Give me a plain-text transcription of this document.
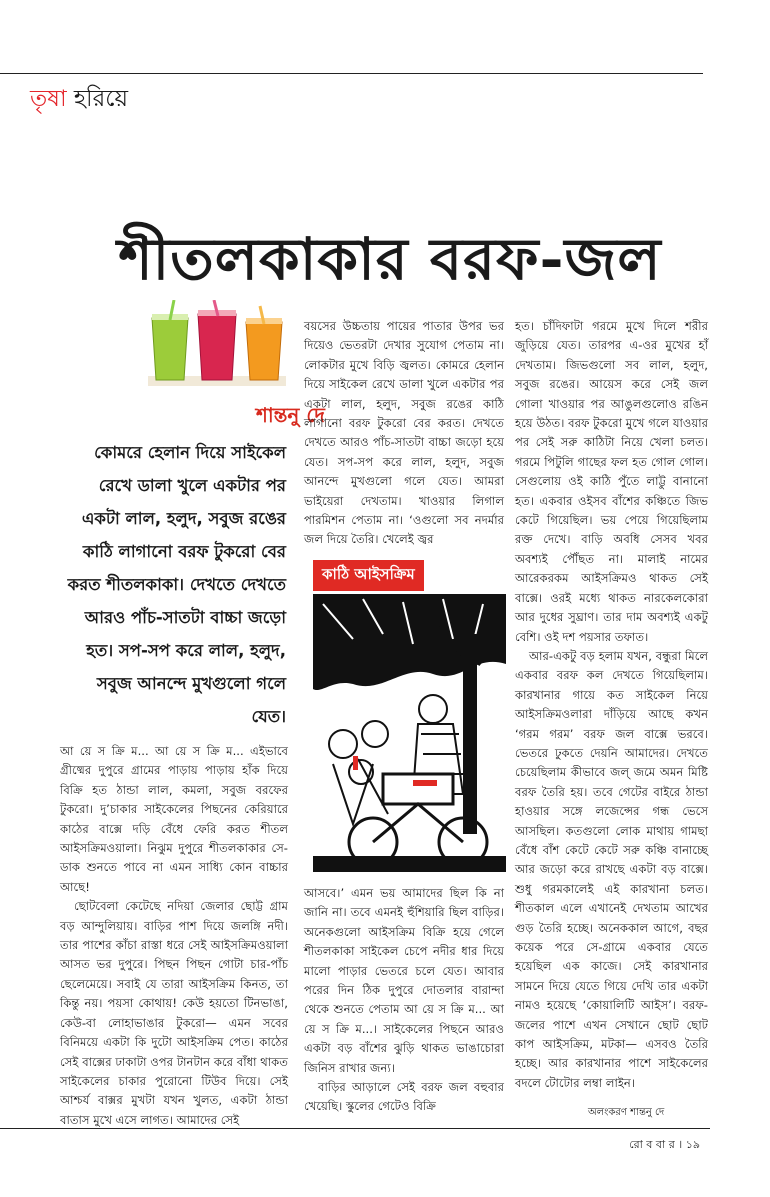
তৃষা হরিয়ে
শীতলকাকার বরফ-জল
শান্তনু দে
কোমরে হেলান দিয়ে সাইকেল রেখে ডালা খুলে একটার পর একটা লাল, হলুদ, সবুজ রঙের কাঠি লাগানো বরফ টুকরো বের করত শীতলকাকা। দেখতে দেখতে আরও পাঁচ-সাতটা বাচ্চা জড়ো হত। সপ-সপ করে লাল, হলুদ, সবুজ আনন্দে মুখগুলো গলে যেত।

আ য়ে স ক্রি ম... আ য়ে স ক্রি ম... এইভাবে গ্রীষ্মের দুপুরে গ্রামের পাড়ায় পাড়ায় হাঁক দিয়ে বিক্রি হত ঠান্ডা লাল, কমলা, সবুজ বরফের টুকরো। দু’চাকার সাইকেলের পিছনের কেরিয়ারে কাঠের বাক্সে দড়ি বেঁধে ফেরি করত শীতল আইসক্রিমওয়ালা। নিঝুম দুপুরে শীতলকাকার সে-ডাক শুনতে পাবে না এমন সাধ্যি কোন বাচ্চার আছে!

ছোটবেলা কেটেছে নদিয়া জেলার ছোট্ট গ্রাম বড় আন্দুলিয়ায়। বাড়ির পাশ দিয়ে জলঙ্গি নদী। তার পাশের কাঁচা রাস্তা ধরে সেই আইসক্রিমওয়ালা আসত ভর দুপুরে। পিছন পিছন গোটা চার-পাঁচ ছেলেমেয়ে। সবাই যে তারা আইসক্রিম কিনত, তা কিন্তু নয়। পয়সা কোথায়! কেউ হয়তো টিনভাঙা, কেউ-বা লোহাভাঙার টুকরো— এমন সবের বিনিময়ে একটা কি দুটো আইসক্রিম পেত। কাঠের সেই বাক্সের ঢাকাটা ওপর টানটান করে বাঁধা থাকত সাইকেলের চাকার পুরোনো টিউব দিয়ে। সেই আশ্চর্য বাক্সর মুখটা যখন খুলত, একটা ঠান্ডা বাতাস মুখে এসে লাগত। আমাদের সেই

বয়সের উচ্চতায় পায়ের পাতার উপর ভর দিয়েও ভেতরটা দেখার সুযোগ পেতাম না। লোকটার মুখে বিড়ি জ্বলত। কোমরে হেলান দিয়ে সাইকেল রেখে ডালা খুলে একটার পর একটা লাল, হলুদ, সবুজ রঙের কাঠি লাগানো বরফ টুকরো বের করত। দেখতে দেখতে আরও পাঁচ-সাতটা বাচ্চা জড়ো হয়ে যেত। সপ-সপ করে লাল, হলুদ, সবুজ আনন্দে মুখগুলো গলে যেত। আমরা ভাইয়েরা দেখতাম। খাওয়ার লিগাল পারমিশন পেতাম না। ‘ওগুলো সব নদর্মার জল দিয়ে তৈরি। খেলেই জ্বর

কাঠি আইসক্রিম

আসবে।’ এমন ভয় আমাদের ছিল কি না জানি না। তবে এমনই হুঁশিয়ারি ছিল বাড়ির। অনেকগুলো আইসক্রিম বিক্রি হয়ে গেলে শীতলকাকা সাইকেল চেপে নদীর ধার দিয়ে মালো পাড়ার ভেতরে চলে যেত। আবার পরের দিন ঠিক দুপুরে দোতলার বারান্দা থেকে শুনতে পেতাম আ য়ে স ক্রি ম... আ য়ে স ক্রি ম...। সাইকেলের পিছনে আরও একটা বড় বাঁশের ঝুড়ি থাকত ভাঙাচোরা জিনিস রাখার জন্য।

বাড়ির আড়ালে সেই বরফ জল বহুবার খেয়েছি। স্কুলের গেটেও বিক্রি

হত। চাঁদিফাটা গরমে মুখে দিলে শরীর জুড়িয়ে যেত। তারপর এ-ওর মুখের হাঁ দেখতাম। জিভগুলো সব লাল, হলুদ, সবুজ রঙের। আয়েস করে সেই জল গোলা খাওয়ার পর আঙুলগুলোও রঙিন হয়ে উঠত। বরফ টুকরো মুখে গলে যাওয়ার পর সেই সরু কাঠিটা নিয়ে খেলা চলত। গরমে পিটুলি গাছের ফল হত গোল গোল। সেগুলোয় ওই কাঠি পুঁতে লাট্টু বানানো হত। একবার ওইসব বাঁশের কঞ্চিতে জিভ কেটে গিয়েছিল। ভয় পেয়ে গিয়েছিলাম রক্ত দেখে। বাড়ি অবধি সেসব খবর অবশ্যই পৌঁছত না। মালাই নামের আরেকরকম আইসক্রিমও থাকত সেই বাক্সে। ওরই মধ্যে থাকত নারকেলকোরা আর দুধের সুঘ্রাণ। তার দাম অবশ্যই একটু বেশি। ওই দশ পয়সার তফাত।

আর-একটু বড় হলাম যখন, বন্ধুরা মিলে একবার বরফ কল দেখতে গিয়েছিলাম। কারখানার গায়ে কত সাইকেল নিয়ে আইসক্রিমওলারা দাঁড়িয়ে আছে কখন ‘গরম গরম’ বরফ জল বাক্সে ভরবে। ভেতরে ঢুকতে দেয়নি আমাদের। দেখতে চেয়েছিলাম কীভাবে জল্ জমে অমন মিষ্টি বরফ তৈরি হয়। তবে গেটের বাইরে ঠান্ডা হাওয়ার সঙ্গে লজেন্সের গন্ধ ভেসে আসছিল। কতগুলো লোক মাথায় গামছা বেঁধে বাঁশ কেটে কেটে সরু কঞ্চি বানাচ্ছে আর জড়ো করে রাখছে একটা বড় বাক্সে। শুধু গরমকালেই এই কারখানা চলত। শীতকাল এলে এখানেই দেখতাম আখের গুড় তৈরি হচ্ছে। অনেককাল আগে, বছর কয়েক পরে সে-গ্রামে একবার যেতে হয়েছিল এক কাজে। সেই কারখানার সামনে দিয়ে যেতে গিয়ে দেখি তার একটা নামও হয়েছে ‘কোয়ালিটি আইস’। বরফ-জলের পাশে এখন সেখানে ছোট ছোট কাপ আইসক্রিম, মটকা— এসবও তৈরি হচ্ছে। আর কারখানার পাশে সাইকেলের বদলে টোটোর লম্বা লাইন।

অলংকরণ শান্তনু দে
রো ব বা র । ১৯
